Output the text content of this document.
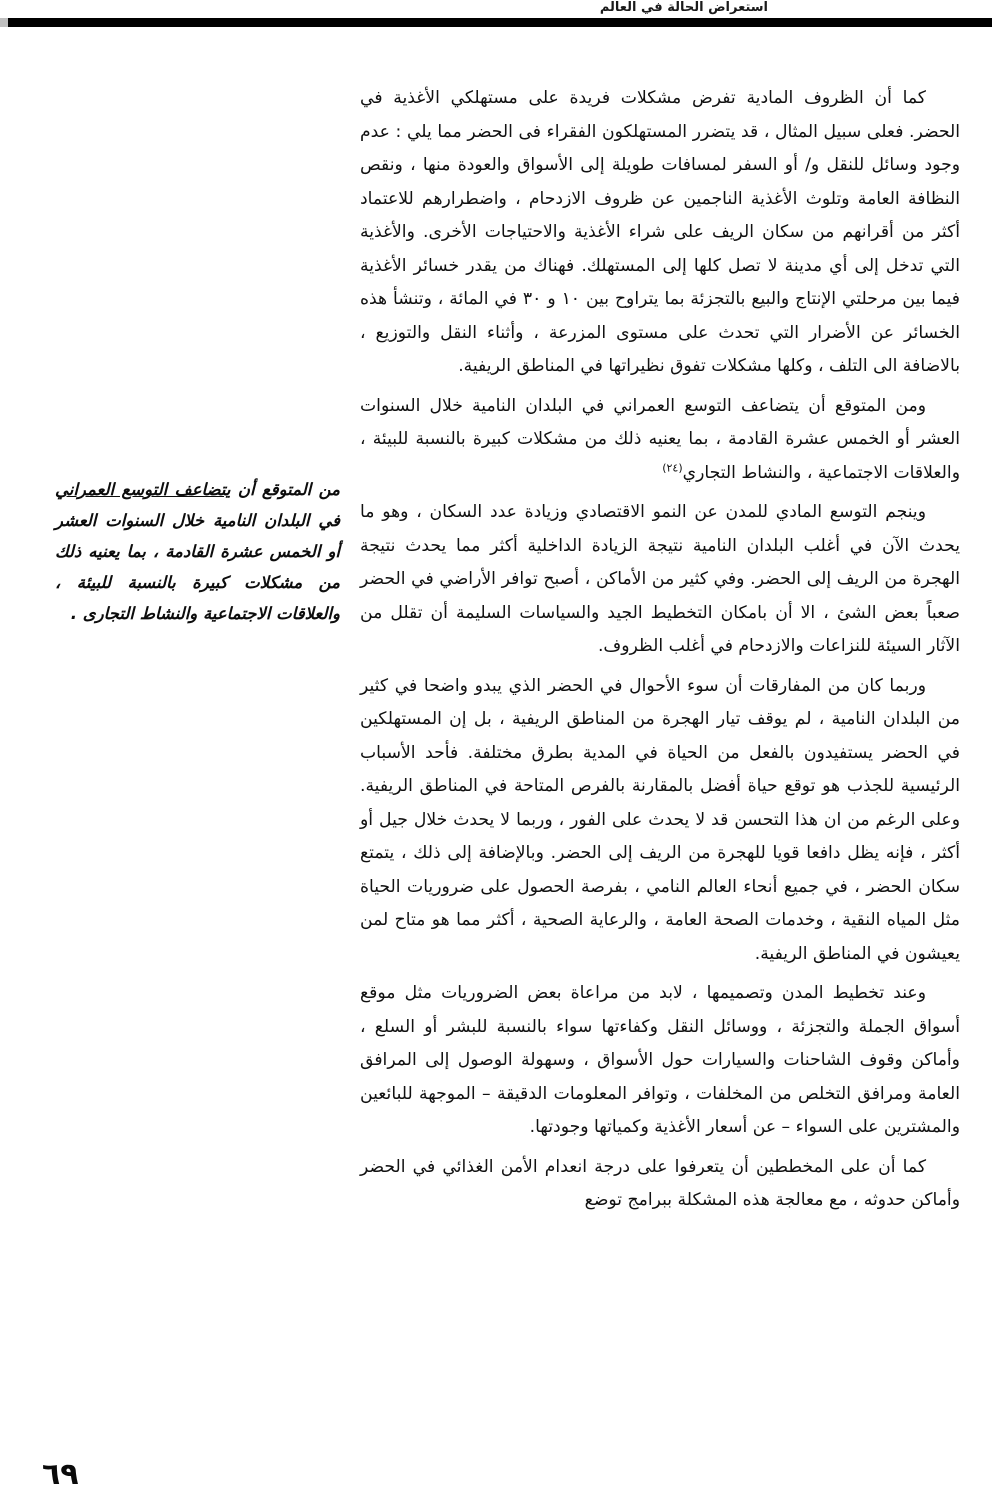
استعراض الحالة في العالم
من المتوقع أن يتضاعف التوسع العمراني في البلدان النامية خلال السنوات العشر أو الخمس عشرة القادمة ، بما يعنيه ذلك من مشكلات كبيرة بالنسبة للبيئة ، والعلاقات الاجتماعية والنشاط التجارى .

كما أن الظروف المادية تفرض مشكلات فريدة على مستهلكي الأغذية في الحضر. فعلى سبيل المثال ، قد يتضرر المستهلكون الفقراء فى الحضر مما يلي : عدم وجود وسائل للنقل و/ أو السفر لمسافات طويلة إلى الأسواق والعودة منها ، ونقص النظافة العامة وتلوث الأغذية الناجمين عن ظروف الازدحام ، واضطرارهم للاعتماد أكثر من أقرانهم من سكان الريف على شراء الأغذية والاحتياجات الأخرى. والأغذية التي تدخل إلى أي مدينة لا تصل كلها إلى المستهلك. فهناك من يقدر خسائر الأغذية فيما بين مرحلتي الإنتاج والبيع بالتجزئة بما يتراوح بين ١٠ و ٣٠ في المائة ، وتنشأ هذه الخسائر عن الأضرار التي تحدث على مستوى المزرعة ، وأثناء النقل والتوزيع ، بالاضافة الى التلف ، وكلها مشكلات تفوق نظيراتها في المناطق الريفية.

ومن المتوقع أن يتضاعف التوسع العمراني في البلدان النامية خلال السنوات العشر أو الخمس عشرة القادمة ، بما يعنيه ذلك من مشكلات كبيرة بالنسبة للبيئة ، والعلاقات الاجتماعية ، والنشاط التجاري$^{(٢٤)}$

وينجم التوسع المادي للمدن عن النمو الاقتصادي وزيادة عدد السكان ، وهو ما يحدث الآن في أغلب البلدان النامية نتيجة الزيادة الداخلية أكثر مما يحدث نتيجة الهجرة من الريف إلى الحضر. وفي كثير من الأماكن ، أصبح توافر الأراضي في الحضر صعباً بعض الشئ ، الا أن بامكان التخطيط الجيد والسياسات السليمة أن تقلل من الآثار السيئة للنزاعات والازدحام في أغلب الظروف.

وربما كان من المفارقات أن سوء الأحوال في الحضر الذي يبدو واضحا في كثير من البلدان النامية ، لم يوقف تيار الهجرة من المناطق الريفية ، بل إن المستهلكين في الحضر يستفيدون بالفعل من الحياة في المدية بطرق مختلفة. فأحد الأسباب الرئيسية للجذب هو توقع حياة أفضل بالمقارنة بالفرص المتاحة في المناطق الريفية. وعلى الرغم من ان هذا التحسن قد لا يحدث على الفور ، وربما لا يحدث خلال جيل أو أكثر ، فإنه يظل دافعا قويا للهجرة من الريف إلى الحضر. وبالإضافة إلى ذلك ، يتمتع سكان الحضر ، في جميع أنحاء العالم النامي ، بفرصة الحصول على ضروريات الحياة مثل المياه النقية ، وخدمات الصحة العامة ، والرعاية الصحية ، أكثر مما هو متاح لمن يعيشون في المناطق الريفية.

وعند تخطيط المدن وتصميمها ، لابد من مراعاة بعض الضروريات مثل موقع أسواق الجملة والتجزئة ، ووسائل النقل وكفاءتها سواء بالنسبة للبشر أو السلع ، وأماكن وقوف الشاحنات والسيارات حول الأسواق ، وسهولة الوصول إلى المرافق العامة ومرافق التخلص من المخلفات ، وتوافر المعلومات الدقيقة – الموجهة للبائعين والمشترين على السواء – عن أسعار الأغذية وكمياتها وجودتها.

كما أن على المخططين أن يتعرفوا على درجة انعدام الأمن الغذائي في الحضر وأماكن حدوثه ، مع معالجة هذه المشكلة ببرامج توضع

٦٩
